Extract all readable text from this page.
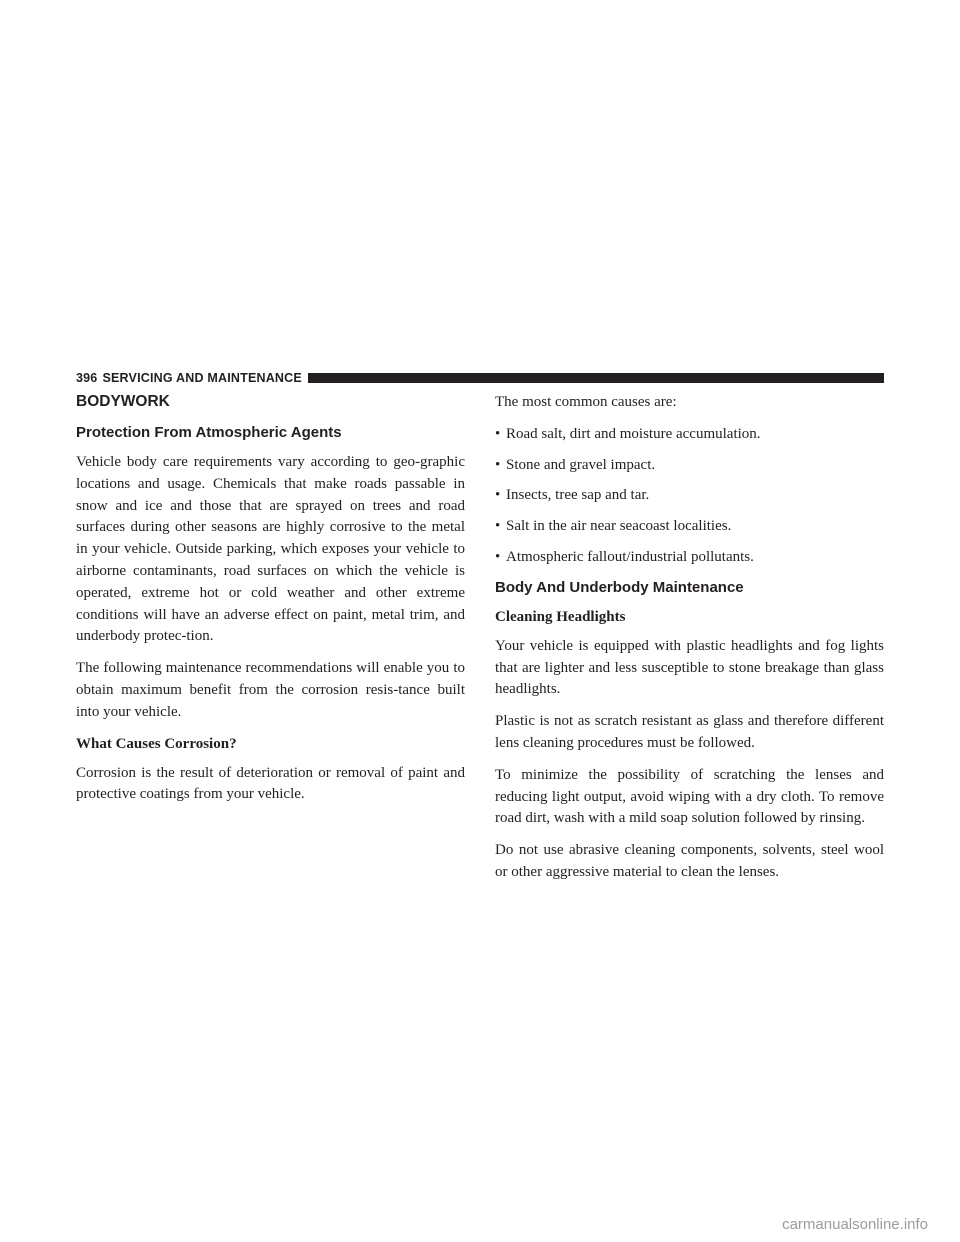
396 SERVICING AND MAINTENANCE
BODYWORK
Protection From Atmospheric Agents

Vehicle body care requirements vary according to geo-graphic locations and usage. Chemicals that make roads passable in snow and ice and those that are sprayed on trees and road surfaces during other seasons are highly corrosive to the metal in your vehicle. Outside parking, which exposes your vehicle to airborne contaminants, road surfaces on which the vehicle is operated, extreme hot or cold weather and other extreme conditions will have an adverse effect on paint, metal trim, and underbody protec-tion.

The following maintenance recommendations will enable you to obtain maximum benefit from the corrosion resis-tance built into your vehicle.

What Causes Corrosion?

Corrosion is the result of deterioration or removal of paint and protective coatings from your vehicle.

The most common causes are:

• Road salt, dirt and moisture accumulation.
• Stone and gravel impact.
• Insects, tree sap and tar.
• Salt in the air near seacoast localities.
• Atmospheric fallout/industrial pollutants.
Body And Underbody Maintenance
Cleaning Headlights

Your vehicle is equipped with plastic headlights and fog lights that are lighter and less susceptible to stone breakage than glass headlights.

Plastic is not as scratch resistant as glass and therefore different lens cleaning procedures must be followed.

To minimize the possibility of scratching the lenses and reducing light output, avoid wiping with a dry cloth. To remove road dirt, wash with a mild soap solution followed by rinsing.

Do not use abrasive cleaning components, solvents, steel wool or other aggressive material to clean the lenses.

carmanualsonline.info
